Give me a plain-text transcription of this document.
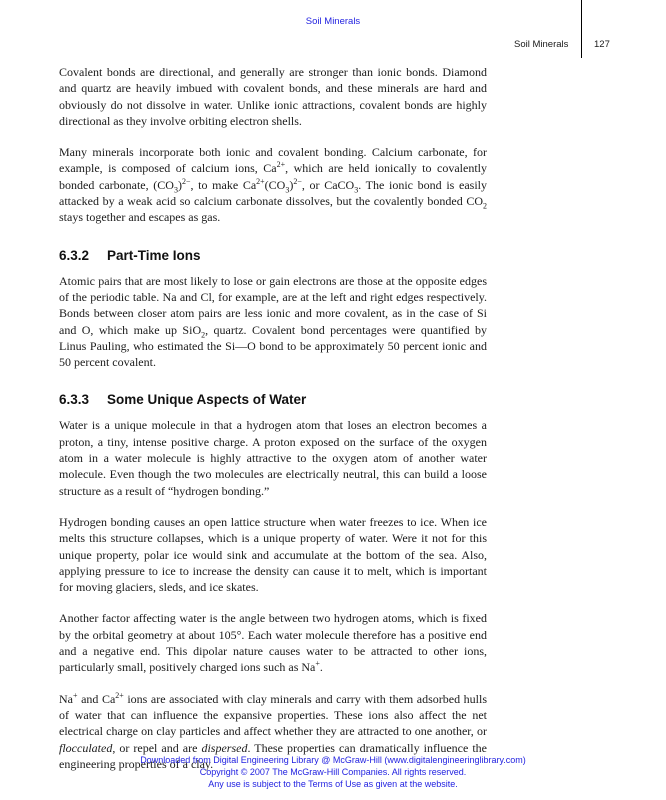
Soil Minerals
Soil Minerals	127

Covalent bonds are directional, and generally are stronger than ionic bonds. Diamond and quartz are heavily imbued with covalent bonds, and these minerals are hard and obviously do not dissolve in water. Unlike ionic attractions, covalent bonds are highly directional as they involve orbiting electron shells.

Many minerals incorporate both ionic and covalent bonding. Calcium carbonate, for example, is composed of calcium ions, $Ca^{2+}$, which are held ionically to covalently bonded carbonate, $(CO_3)^{2-}$, to make $Ca^{2+}(CO_3)^{2-}$, or CaCO$_3$. The ionic bond is easily attacked by a weak acid so calcium carbonate dissolves, but the covalently bonded $CO_2$ stays together and escapes as gas.

6.3.2 Part-Time Ions

Atomic pairs that are most likely to lose or gain electrons are those at the opposite edges of the periodic table. Na and Cl, for example, are at the left and right edges respectively. Bonds between closer atom pairs are less ionic and more covalent, as in the case of Si and O, which make up SiO$_2$, quartz. Covalent bond percentages were quantified by Linus Pauling, who estimated the Si—O bond to be approximately 50 percent ionic and 50 percent covalent.

6.3.3 Some Unique Aspects of Water

Water is a unique molecule in that a hydrogen atom that loses an electron becomes a proton, a tiny, intense positive charge. A proton exposed on the surface of the oxygen atom in a water molecule is highly attractive to the oxygen atom of another water molecule. Even though the two molecules are electrically neutral, this can build a loose structure as a result of “hydrogen bonding.”

Hydrogen bonding causes an open lattice structure when water freezes to ice. When ice melts this structure collapses, which is a unique property of water. Were it not for this unique property, polar ice would sink and accumulate at the bottom of the sea. Also, applying pressure to ice to increase the density can cause it to melt, which is important for moving glaciers, sleds, and ice skates.

Another factor affecting water is the angle between two hydrogen atoms, which is fixed by the orbital geometry at about 105°. Each water molecule therefore has a positive end and a negative end. This dipolar nature causes water to be attracted to other ions, particularly small, positively charged ions such as Na+.

Na+ and $Ca^{2+}$ ions are associated with clay minerals and carry with them adsorbed hulls of water that can influence the expansive properties. These ions also affect the net electrical charge on clay particles and affect whether they are attracted to one another, or flocculated, or repel and are dispersed. These properties can dramatically influence the engineering properties of a clay.

Downloaded from Digital Engineering Library @ McGraw-Hill (www.digitalengineeringlibrary.com)
Copyright © 2007 The McGraw-Hill Companies. All rights reserved.
Any use is subject to the Terms of Use as given at the website.
